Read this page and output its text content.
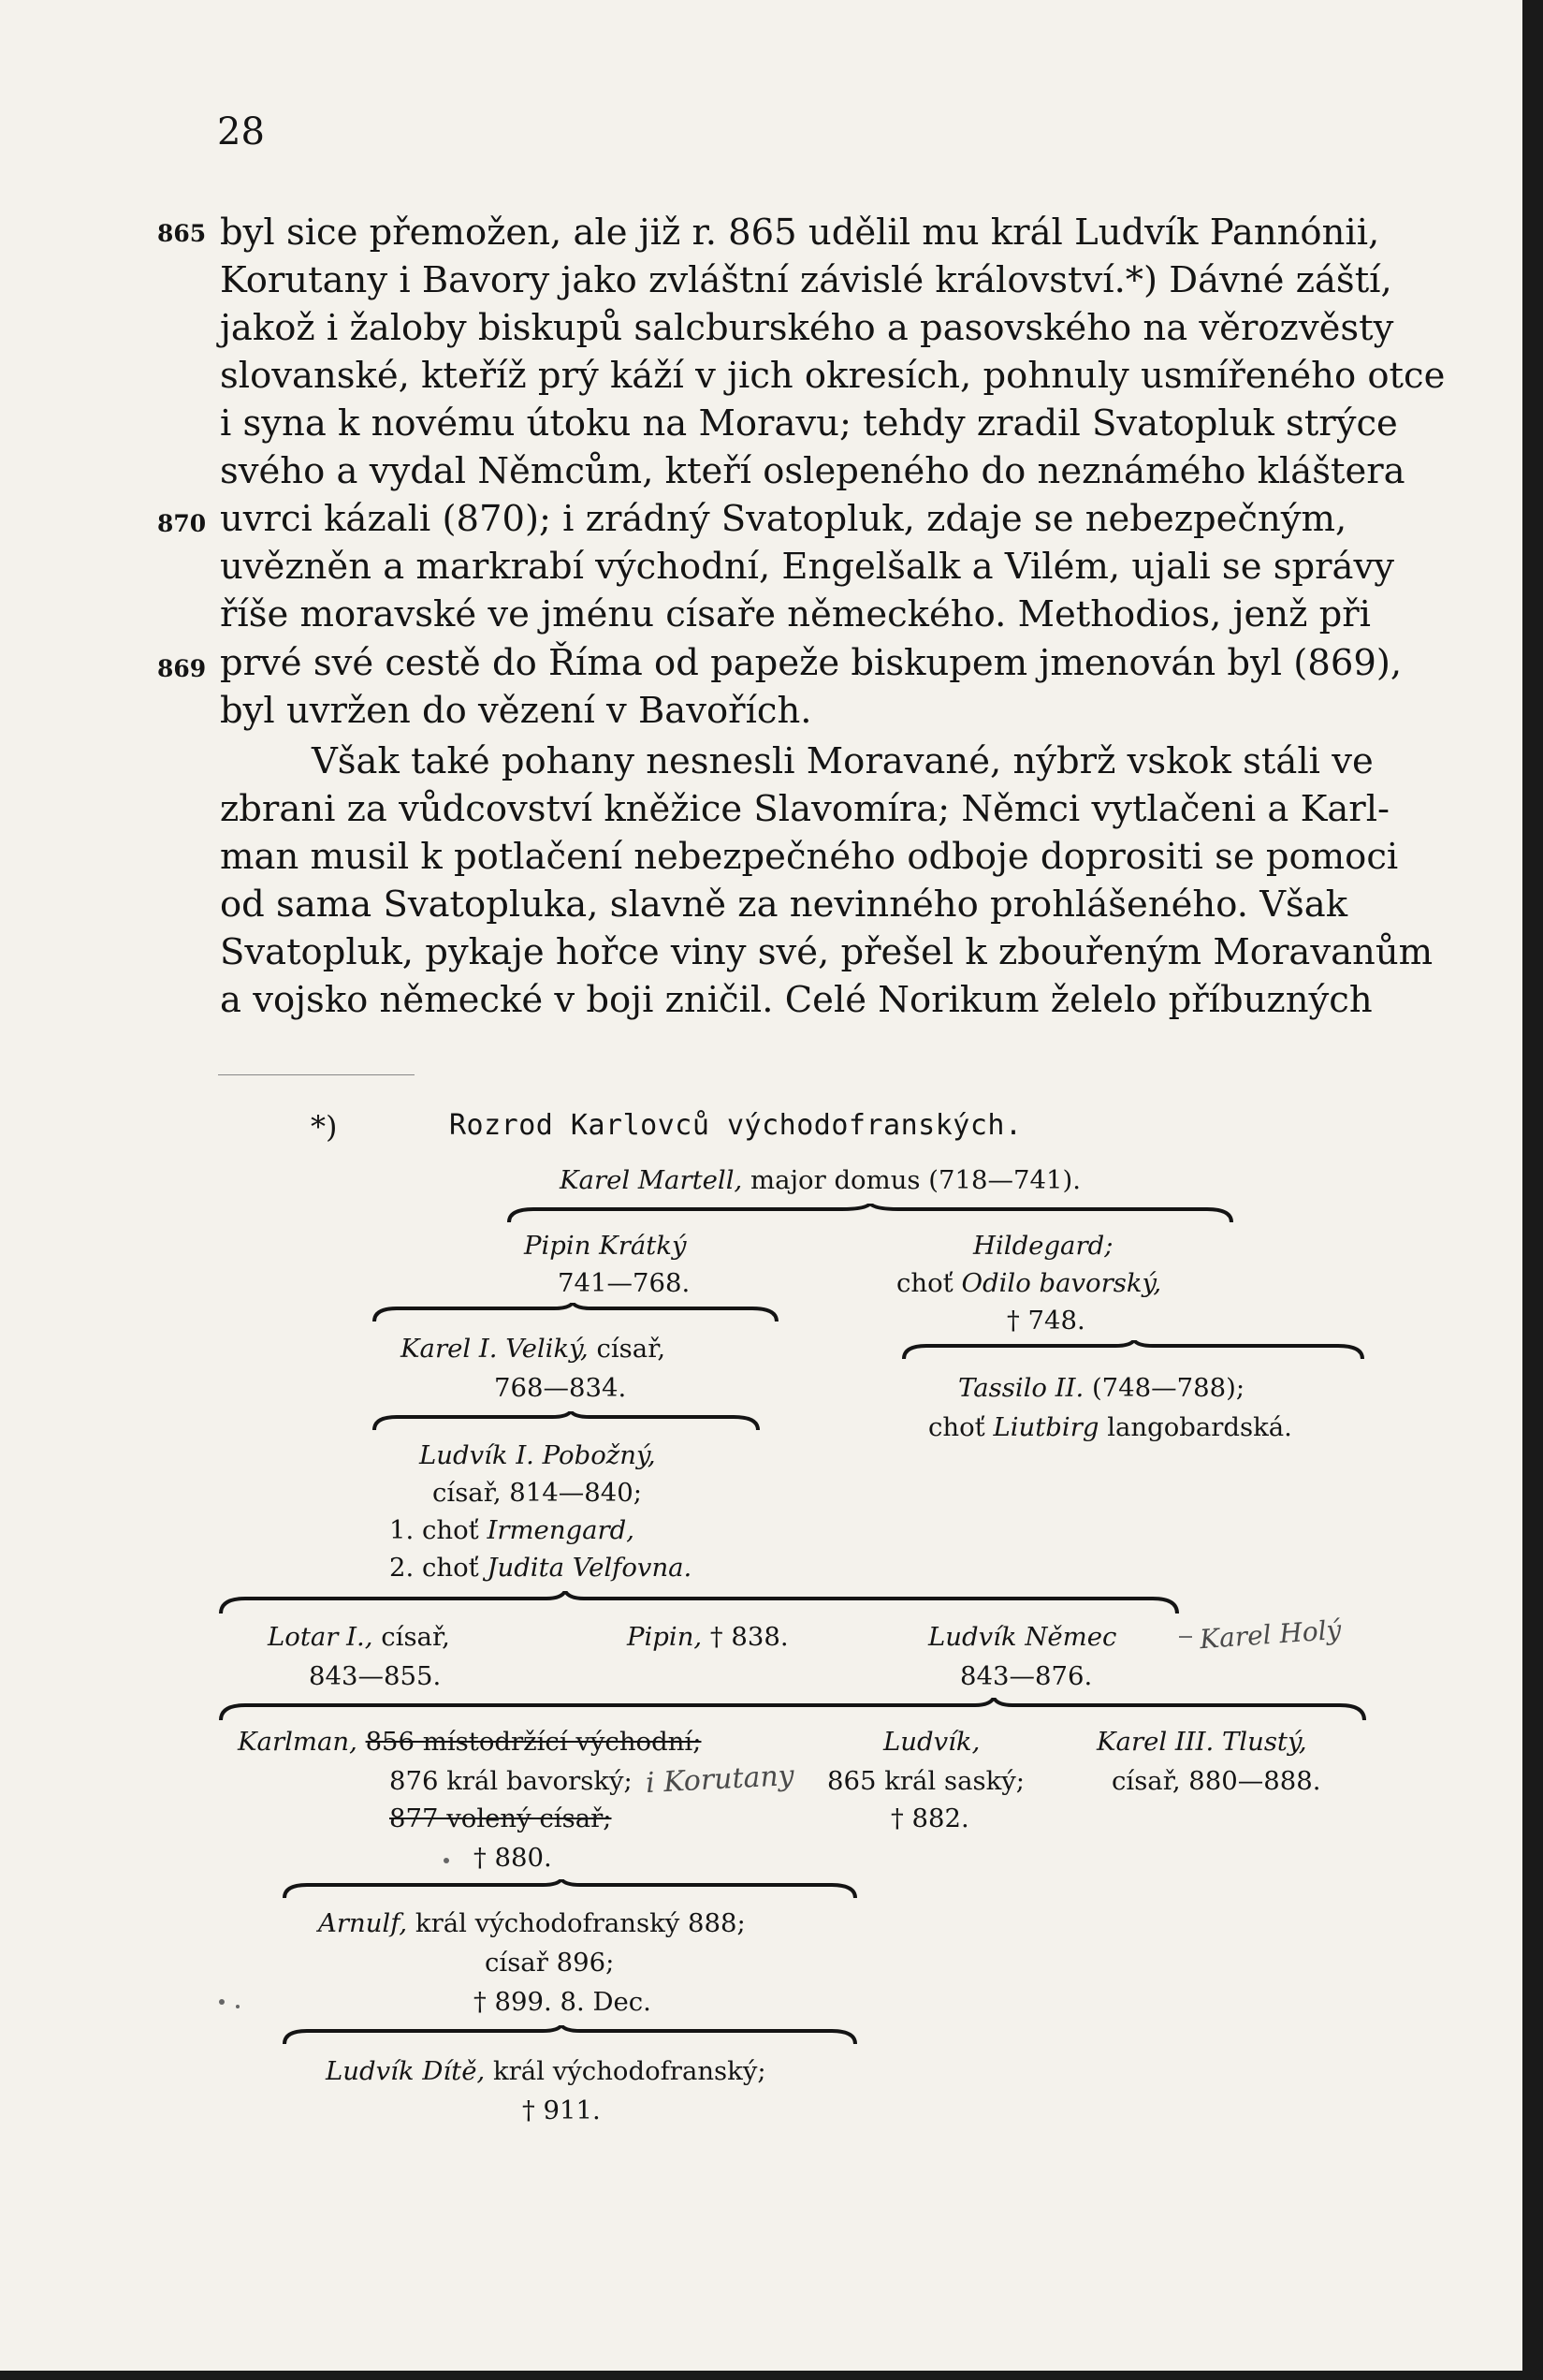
28
865
870
869
byl sice přemožen, ale již r. 865 udělil mu král Ludvík Pannónii,
Korutany i Bavory jako zvláštní závislé království.*) Dávné záští,
jakož i žaloby biskupů salcburského a pasovského na věrozvěsty
slovanské, kteříž prý káží v jich okresích, pohnuly usmířeného otce
i syna k novému útoku na Moravu; tehdy zradil Svatopluk strýce
svého a vydal Němcům, kteří oslepeného do neznámého kláštera
uvrci kázali (870); i zrádný Svatopluk, zdaje se nebezpečným,
uvězněn a markrabí východní, Engelšalk a Vilém, ujali se správy
říše moravské ve jménu císaře německého. Methodios, jenž při
prvé své cestě do Říma od papeže biskupem jmenován byl (869),
byl uvržen do vězení v Bavořích.
Však také pohany nesnesli Moravané, nýbrž vskok stáli ve
zbrani za vůdcovství kněžice Slavomíra; Němci vytlačeni a Karl-
man musil k potlačení nebezpečného odboje doprositi se pomoci
od sama Svatopluka, slavně za nevinného prohlášeného. Však
Svatopluk, pykaje hořce viny své, přešel k zbouřeným Moravanům
a vojsko německé v boji zničil. Celé Norikum želelo příbuzných
*)	Rozrod Karlovců východofranských.
Karel Martell, major domus (718—741).
Pipin Krátký
741—768.
Hildegard;
choť Odilo bavorský,
† 748.
Karel I. Veliký, císař,
768—834.	Tassilo II. (748—788);
choť Liutbirg langobardská.
Ludvík I. Pobožný,
císař, 814—840;
1. choť Irmengard,
2. choť Judita Velfovna.
Lotar I., císař,
843—855.
Pipin, † 838.	Ludvík Němec
843—876.
Karel Holý
Karlman, 856 místodržící východní;
876 král bavorský; i Korutany
877 volený císař;
† 880.
Ludvík,
865 král saský;
† 882.
Karel III. Tlustý,
císař, 880—888.
Arnulf, král východofranský 888;
císař 896;
† 899. 8. Dec.
Ludvík Dítě, král východofranský;
† 911.
